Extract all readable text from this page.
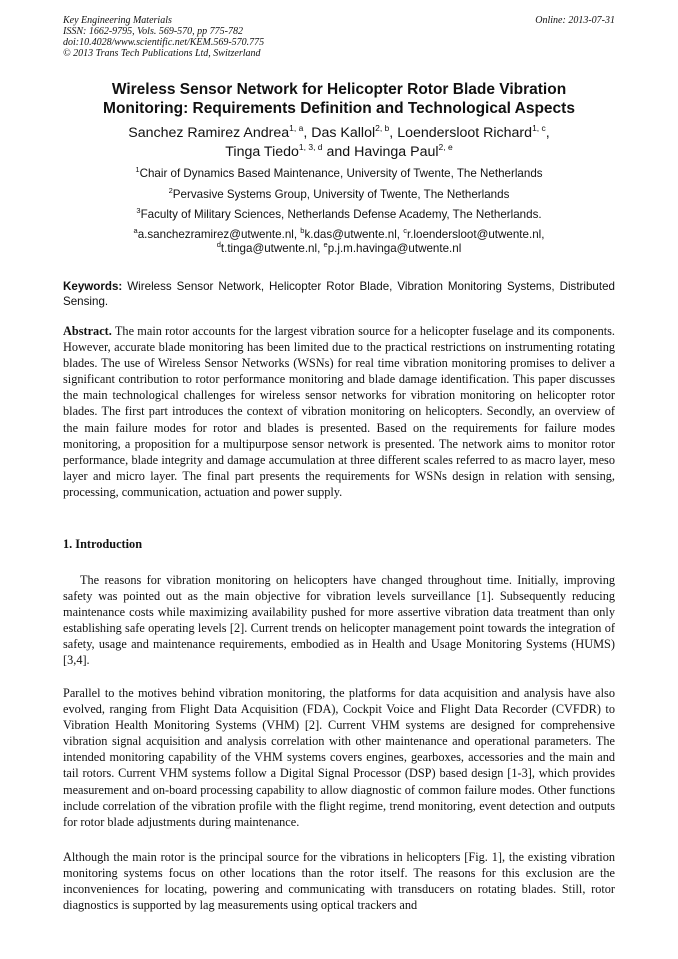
Key Engineering Materials
ISSN: 1662-9795, Vols. 569-570, pp 775-782
doi:10.4028/www.scientific.net/KEM.569-570.775
© 2013 Trans Tech Publications Ltd, Switzerland
Online: 2013-07-31
Wireless Sensor Network for Helicopter Rotor Blade Vibration
Monitoring: Requirements Definition and Technological Aspects
Sanchez Ramirez Andrea$^{1, a}$, Das Kallol$^{2, b}$, Loendersloot Richard$^{1, c}$,
Tinga Tiedo$^{1, 3, d}$ and Havinga Paul$^{2, e}$
$^1$Chair of Dynamics Based Maintenance, University of Twente, The Netherlands
$^2$Pervasive Systems Group, University of Twente, The Netherlands
$^3$Faculty of Military Sciences, Netherlands Defense Academy, The Netherlands.
$^a$a.sanchezramirez@utwente.nl, $^b$k.das@utwente.nl, $^c$r.loendersloot@utwente.nl,
$^d$t.tinga@utwente.nl, $^e$p.j.m.havinga@utwente.nl
Keywords: Wireless Sensor Network, Helicopter Rotor Blade, Vibration Monitoring Systems, Distributed Sensing.
Abstract. The main rotor accounts for the largest vibration source for a helicopter fuselage and its components. However, accurate blade monitoring has been limited due to the practical restrictions on instrumenting rotating blades. The use of Wireless Sensor Networks (WSNs) for real time vibration monitoring promises to deliver a significant contribution to rotor performance monitoring and blade damage identification. This paper discusses the main technological challenges for wireless sensor networks for vibration monitoring on helicopter rotor blades. The first part introduces the context of vibration monitoring on helicopters. Secondly, an overview of the main failure modes for rotor and blades is presented. Based on the requirements for failure modes monitoring, a proposition for a multipurpose sensor network is presented. The network aims to monitor rotor performance, blade integrity and damage accumulation at three different scales referred to as macro layer, meso layer and micro layer. The final part presents the requirements for WSNs design in relation with sensing, processing, communication, actuation and power supply.
1. Introduction
The reasons for vibration monitoring on helicopters have changed throughout time. Initially, improving safety was pointed out as the main objective for vibration levels surveillance [1]. Subsequently reducing maintenance costs while maximizing availability pushed for more assertive vibration data treatment than only establishing safe operating levels [2]. Current trends on helicopter management point towards the integration of safety, usage and maintenance requirements, embodied as in Health and Usage Monitoring Systems (HUMS) [3,4].
Parallel to the motives behind vibration monitoring, the platforms for data acquisition and analysis have also evolved, ranging from Flight Data Acquisition (FDA), Cockpit Voice and Flight Data Recorder (CVFDR) to Vibration Health Monitoring Systems (VHM) [2]. Current VHM systems are designed for comprehensive vibration signal acquisition and analysis correlation with other maintenance and operational parameters. The intended monitoring capability of the VHM systems covers engines, gearboxes, accessories and the main and tail rotors. Current VHM systems follow a Digital Signal Processor (DSP) based design [1-3], which provides measurement and on-board processing capability to allow diagnostic of common failure modes. Other functions include correlation of the vibration profile with the flight regime, trend monitoring, event detection and outputs for rotor blade adjustments during maintenance.
Although the main rotor is the principal source for the vibrations in helicopters [Fig. 1], the existing vibration monitoring systems focus on other locations than the rotor itself. The reasons for this exclusion are the inconveniences for locating, powering and communicating with transducers on rotating blades. Still, rotor diagnostics is supported by lag measurements using optical trackers and
